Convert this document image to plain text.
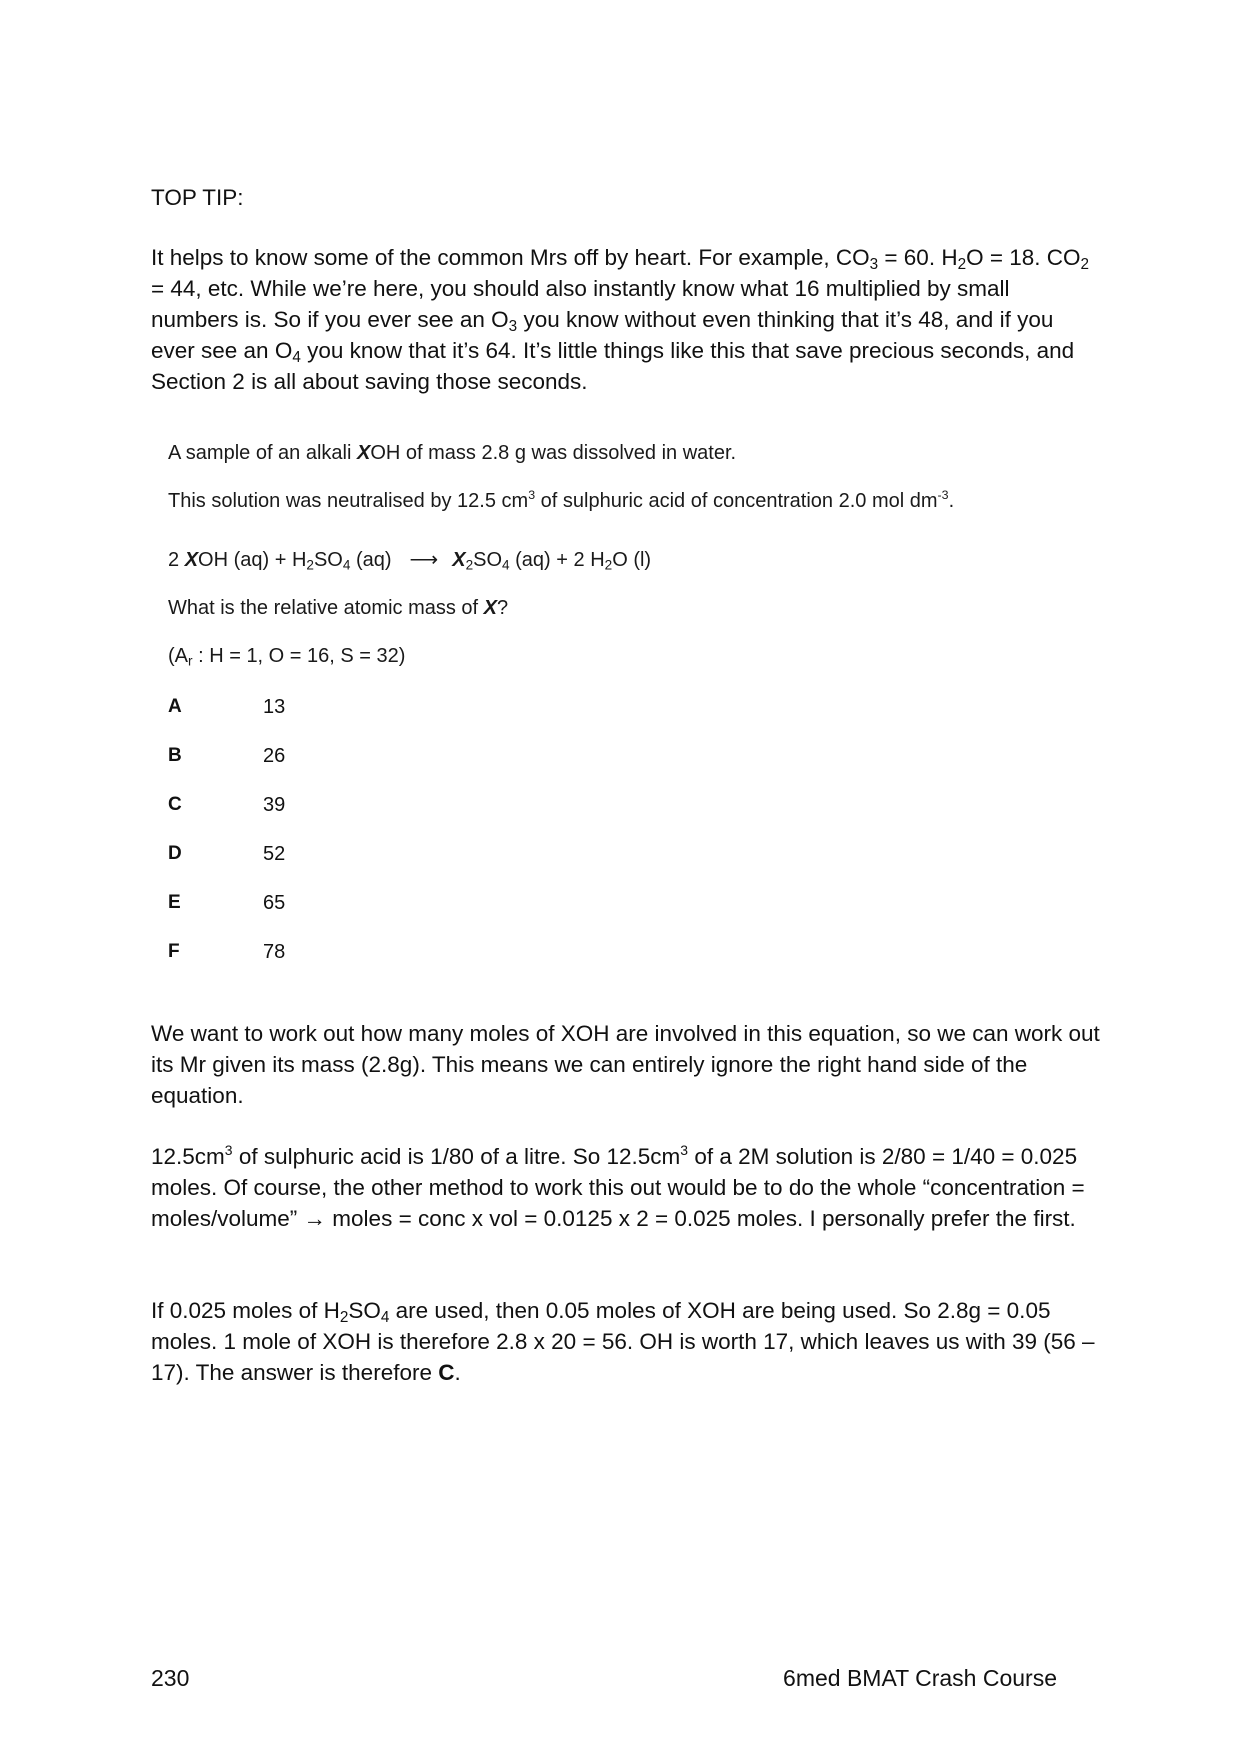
TOP TIP:
It helps to know some of the common Mrs off by heart. For example, $CO_3 = 60$. $H_2O = 18$. $CO_2 = 44$, etc. While we’re here, you should also instantly know what 16 multiplied by small numbers is. So if you ever see an $O_3$ you know without even thinking that it’s 48, and if you ever see an $O_4$ you know that it’s 64. It’s little things like this that save precious seconds, and Section 2 is all about saving those seconds.
A sample of an alkali XOH of mass 2.8 g was dissolved in water.
This solution was neutralised by 12.5 $cm^3$ of sulphuric acid of concentration 2.0 mol $dm^{-3}$.
2 XOH $(aq) + H_2SO_4$ (aq) ⟶ $X_2SO_4$ (aq) + 2 $H_2O$ (l)
What is the relative atomic mass of X?
($A_r$ : H = 1, O = 16, S = 32)
A	13
B	26
C	39
D	52
E	65
F	78
We want to work out how many moles of XOH are involved in this equation, so we can work out its Mr given its mass (2.8g). This means we can entirely ignore the right hand side of the equation.
$12.5cm^3$ of sulphuric acid is 1/80 of a litre. So $12.5cm^3$ of a 2M solution is 2/80 = 1/40 = 0.025 moles. Of course, the other method to work this out would be to do the whole “concentration = moles/volume” → moles = conc x vol = 0.0125 x 2 = 0.025 moles. I personally prefer the first.
If 0.025 moles of $H_2SO_4$ are used, then 0.05 moles of XOH are being used. So 2.8g = 0.05 moles. 1 mole of XOH is therefore 2.8 x 20 = 56. OH is worth 17, which leaves us with 39 (56 – 17). The answer is therefore C.
230	6med BMAT Crash Course
